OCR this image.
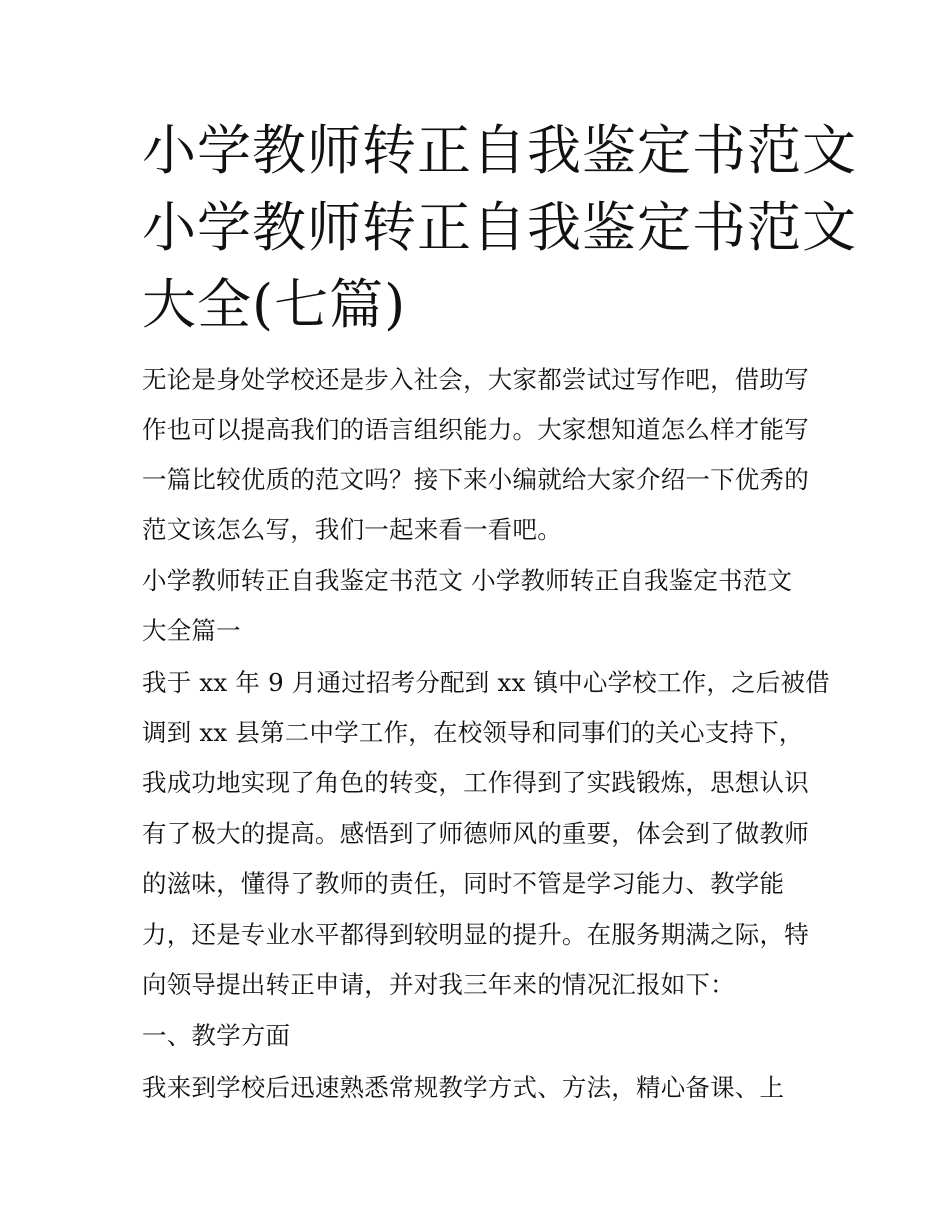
小学教师转正自我鉴定书范文
小学教师转正自我鉴定书范文
大全(七篇)

无论是身处学校还是步入社会，大家都尝试过写作吧，借助写

作也可以提高我们的语言组织能力。大家想知道怎么样才能写

一篇比较优质的范文吗？接下来小编就给大家介绍一下优秀的

范文该怎么写，我们一起来看一看吧。

小学教师转正自我鉴定书范文 小学教师转正自我鉴定书范文

大全篇一

我于 xx 年 9 月通过招考分配到 xx 镇中心学校工作，之后被借

调到 xx 县第二中学工作，在校领导和同事们的关心支持下，

我成功地实现了角色的转变，工作得到了实践锻炼，思想认识

有了极大的提高。感悟到了师德师风的重要，体会到了做教师

的滋味，懂得了教师的责任，同时不管是学习能力、教学能

力，还是专业水平都得到较明显的提升。在服务期满之际，特

向领导提出转正申请，并对我三年来的情况汇报如下：

一、教学方面

我来到学校后迅速熟悉常规教学方式、方法，精心备课、上
